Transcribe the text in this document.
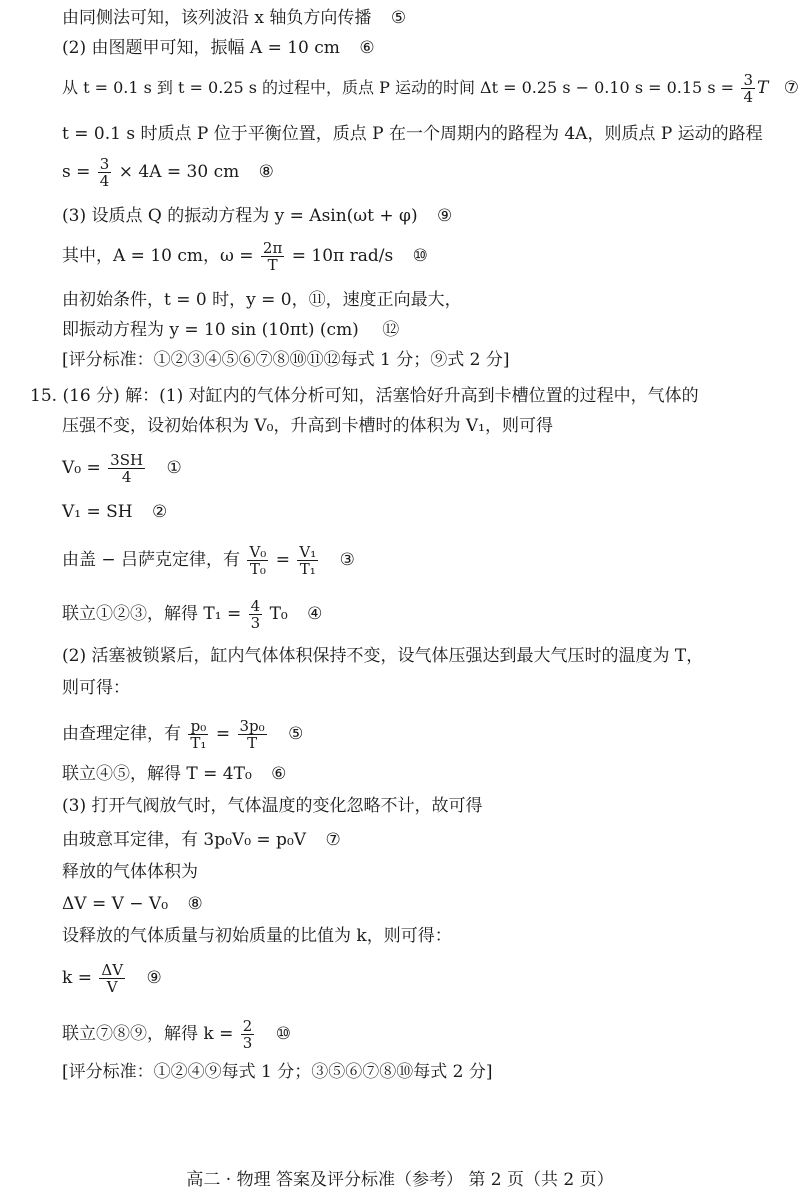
由同侧法可知，该列波沿 x 轴负方向传播 ⑤
(2) 由图题甲可知，振幅 A = 10 cm ⑥
从 t = 0.1 s 到 t = 0.25 s 的过程中，质点 P 运动的时间 Δt = 0.25 s − 0.10 s = 0.15 $s = \frac{3}{4}$ T ⑦
t = 0.1 s 时质点 P 位于平衡位置，质点 P 在一个周期内的路程为 4A，则质点 P 运动的路程
$s = \frac{3}{4} \times 4A = 30$ cm ⑧
(3) 设质点 Q 的振动方程为 y = Asin(ωt + φ) ⑨
其中，A = 10 cm，$\omega = \frac{2\pi}{T} = 10\pi$ rad/s ⑩
由初始条件，t = 0 时，y = 0，⑪，速度正向最大，
即振动方程为 y = 10 sin (10πt) (cm) ⑫
[评分标准：①②③④⑤⑥⑦⑧⑩⑪⑫每式 1 分；⑨式 2 分]
15. (16 分) 解：(1) 对缸内的气体分析可知，活塞恰好升高到卡槽位置的过程中，气体的
压强不变，设初始体积为 V₀，升高到卡槽时的体积为 V₁，则可得
$V_0 = \frac{3SH}{4}$ ①
V₁ = SH ②
由盖 − 吕萨克定律，有 $\frac{\text{V₀}}{\text{T₀}} = \frac{\text{V₁}}{\text{T₁}}$ ③
联立①②③，解得 $T_1 = \frac{4}{3} T_0$ ④
(2) 活塞被锁紧后，缸内气体体积保持不变，设气体压强达到最大气压时的温度为 T，
则可得：
由查理定律，有 $\frac{\text{p₀}}{\text{T₁}} = \frac{\text{3p₀}}{T}$ ⑤
联立④⑤，解得 T = 4T₀ ⑥
(3) 打开气阀放气时，气体温度的变化忽略不计，故可得
由玻意耳定律，有 3p₀V₀ = p₀V ⑦
释放的气体体积为
ΔV = V − V₀ ⑧
设释放的气体质量与初始质量的比值为 k，则可得：
$k = \frac{\Delta V}{V}$ ⑨
联立⑦⑧⑨，解得 $k = \frac{2}{3}$ ⑩
[评分标准：①②④⑨每式 1 分；③⑤⑥⑦⑧⑩每式 2 分]
高二 · 物理 答案及评分标准（参考） 第 2 页（共 2 页）
